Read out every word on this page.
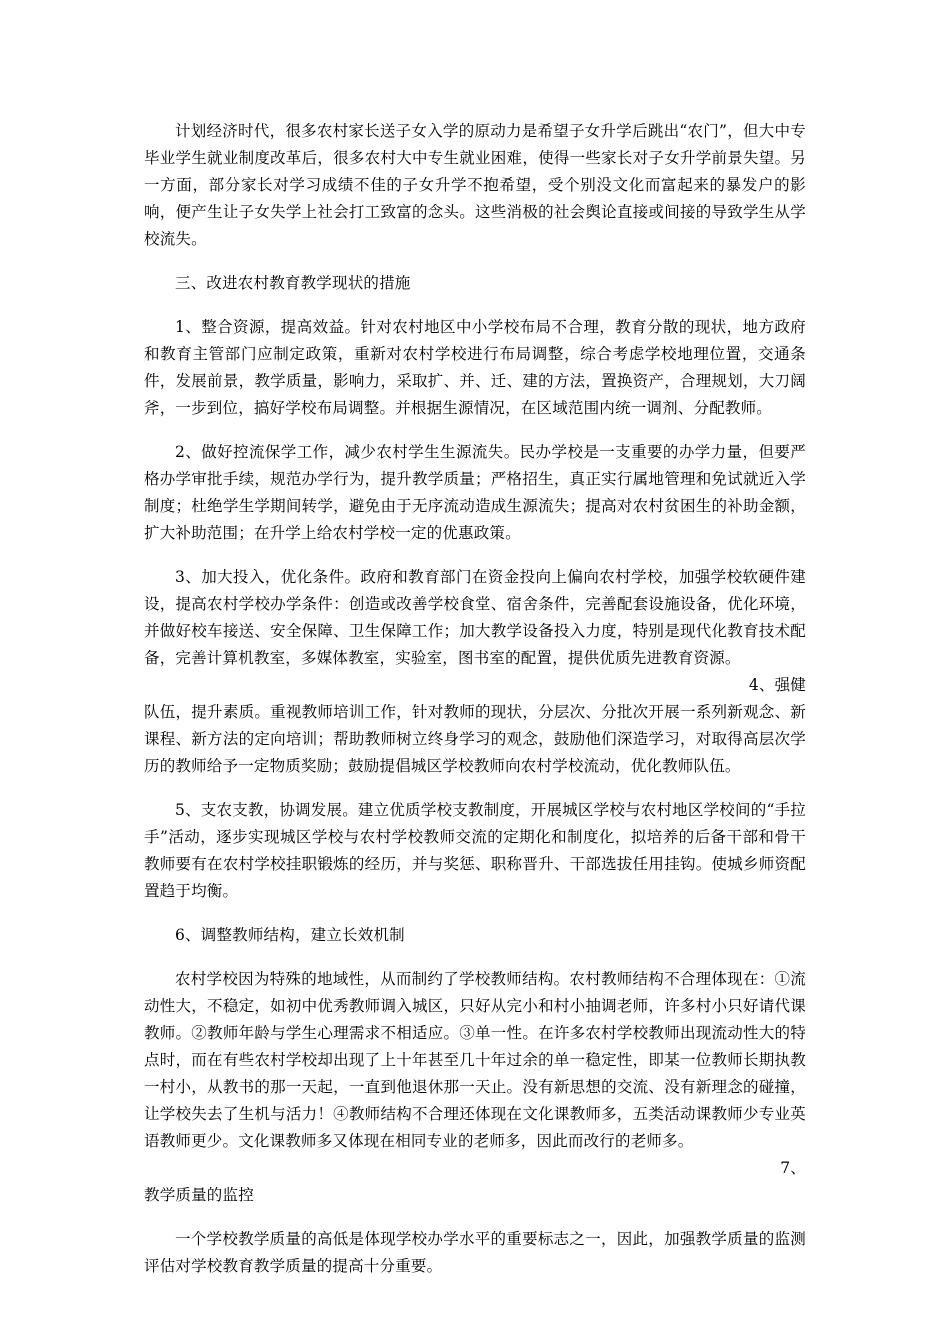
计划经济时代，很多农村家长送子女入学的原动力是希望子女升学后跳出“农门”，但大中专毕业学生就业制度改革后，很多农村大中专生就业困难，使得一些家长对子女升学前景失望。另一方面，部分家长对学习成绩不佳的子女升学不抱希望，受个别没文化而富起来的暴发户的影响，便产生让子女失学上社会打工致富的念头。这些消极的社会舆论直接或间接的导致学生从学校流失。

三、改进农村教育教学现状的措施

1、整合资源，提高效益。针对农村地区中小学校布局不合理，教育分散的现状，地方政府和教育主管部门应制定政策，重新对农村学校进行布局调整，综合考虑学校地理位置，交通条件，发展前景，教学质量，影响力，采取扩、并、迁、建的方法，置换资产，合理规划，大刀阔斧，一步到位，搞好学校布局调整。并根据生源情况，在区域范围内统一调剂、分配教师。

2、做好控流保学工作，减少农村学生生源流失。民办学校是一支重要的办学力量，但要严格办学审批手续，规范办学行为，提升教学质量；严格招生，真正实行属地管理和免试就近入学制度；杜绝学生学期间转学，避免由于无序流动造成生源流失；提高对农村贫困生的补助金额，扩大补助范围；在升学上给农村学校一定的优惠政策。

3、加大投入，优化条件。政府和教育部门在资金投向上偏向农村学校，加强学校软硬件建设，提高农村学校办学条件：创造或改善学校食堂、宿舍条件，完善配套设施设备，优化环境，并做好校车接送、安全保障、卫生保障工作；加大教学设备投入力度，特别是现代化教育技术配备，完善计算机教室，多媒体教室，实验室，图书室的配置，提供优质先进教育资源。
4、强健

队伍，提升素质。重视教师培训工作，针对教师的现状，分层次、分批次开展一系列新观念、新课程、新方法的定向培训；帮助教师树立终身学习的观念，鼓励他们深造学习，对取得高层次学历的教师给予一定物质奖励；鼓励提倡城区学校教师向农村学校流动，优化教师队伍。

5、支农支教，协调发展。建立优质学校支教制度，开展城区学校与农村地区学校间的“手拉手”活动，逐步实现城区学校与农村学校教师交流的定期化和制度化，拟培养的后备干部和骨干教师要有在农村学校挂职锻炼的经历，并与奖惩、职称晋升、干部选拔任用挂钩。使城乡师资配置趋于均衡。

6、调整教师结构，建立长效机制

农村学校因为特殊的地域性，从而制约了学校教师结构。农村教师结构不合理体现在：①流动性大，不稳定，如初中优秀教师调入城区，只好从完小和村小抽调老师，许多村小只好请代课教师。②教师年龄与学生心理需求不相适应。③单一性。在许多农村学校教师出现流动性大的特点时，而在有些农村学校却出现了上十年甚至几十年过余的单一稳定性，即某一位教师长期执教一村小，从教书的那一天起，一直到他退休那一天止。没有新思想的交流、没有新理念的碰撞，让学校失去了生机与活力！④教师结构不合理还体现在文化课教师多，五类活动课教师少专业英语教师更少。文化课教师多又体现在相同专业的老师多，因此而改行的老师多。
7、

教学质量的监控

一个学校教学质量的高低是体现学校办学水平的重要标志之一，因此，加强教学质量的监测评估对学校教育教学质量的提高十分重要。
